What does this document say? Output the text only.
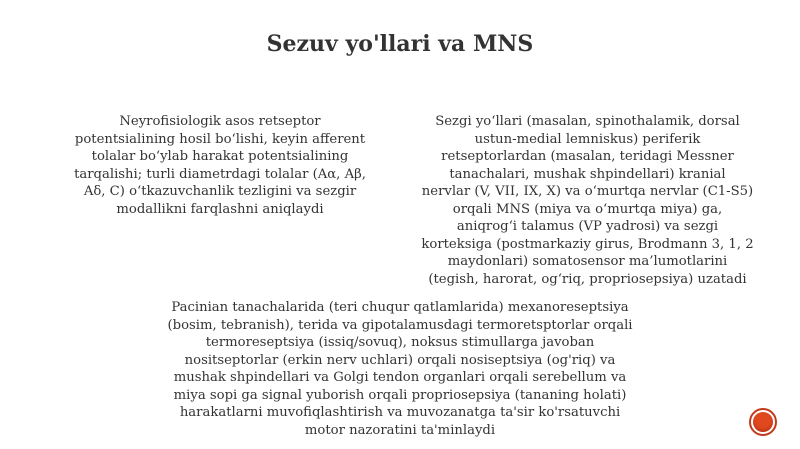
Sezuv yo'llari va MNS
Neyrofisiologik asos retseptor
potentsialining hosil bo‘lishi, keyin afferent
tolalar bo‘ylab harakat potentsialining
tarqalishi; turli diametrdagi tolalar (Aα, Aβ,
Aδ, C) o‘tkazuvchanlik tezligini va sezgir
modallikni farqlashni aniqlaydi
Sezgi yo‘llari (masalan, spinothalamik, dorsal
ustun-medial lemniskus) periferik
retseptorlardan (masalan, teridagi Messner
tanachalari, mushak shpindellari) kranial
nervlar (V, VII, IX, X) va o‘murtqa nervlar (C1-S5)
orqali MNS (miya va o‘murtqa miya) ga,
aniqrog‘i talamus (VP yadrosi) va sezgi
korteksiga (postmarkaziy girus, Brodmann 3, 1, 2
maydonlari) somatosensor ma’lumotlarini
(tegish, harorat, og‘riq, propriosepsiya) uzatadi
Pacinian tanachalarida (teri chuqur qatlamlarida) mexanoreseptsiya
(bosim, tebranish), terida va gipotalamusdagi termoretsptorlar orqali
termoreseptsiya (issiq/sovuq), noksus stimullarga javoban
nositseptorlar (erkin nerv uchlari) orqali nosiseptsiya (og'riq) va
mushak shpindellari va Golgi tendon organlari orqali serebellum va
miya sopi ga signal yuborish orqali propriosepsiya (tananing holati)
harakatlarni muvofiqlashtirish va muvozanatga ta'sir ko'rsatuvchi
motor nazoratini ta'minlaydi
